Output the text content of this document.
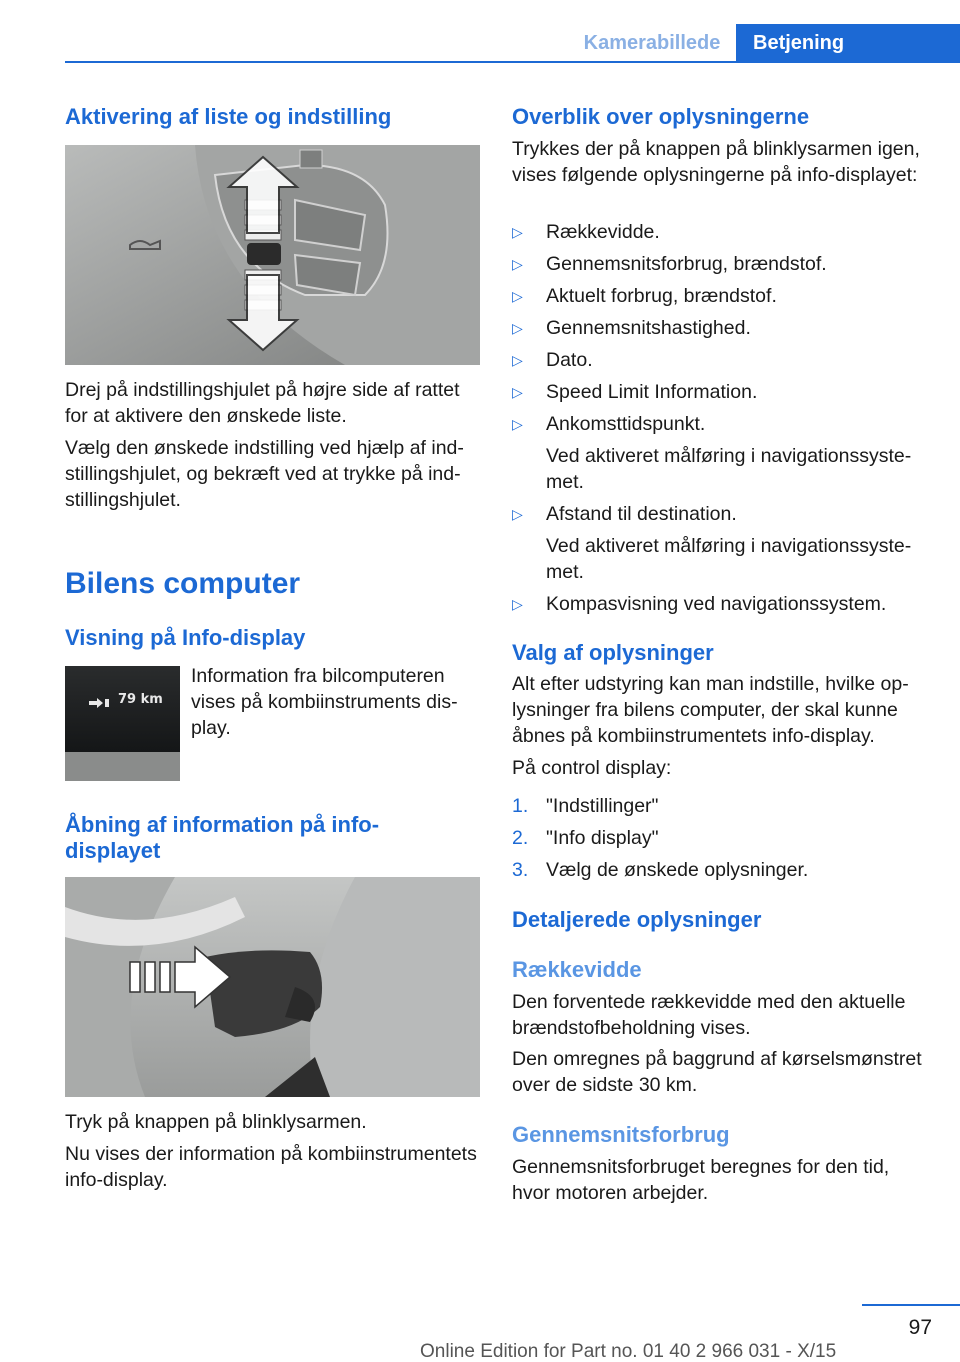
Kamerabillede	Betjening
Aktivering af liste og indstilling
Drej på indstillingshjulet på højre side af rattet for at aktivere den ønskede liste.
Vælg den ønskede indstilling ved hjælp af indstillingshjulet, og bekræft ved at trykke på indstillingshjulet.
Bilens computer
Visning på Info-display
79 km
Information fra bilcomputeren vises på kombiinstruments display.
Åbning af information på info-displayet
Tryk på knappen på blinklysarmen.
Nu vises der information på kombiinstrumentets info-display.
Overblik over oplysningerne
Trykkes der på knappen på blinklysarmen igen, vises følgende oplysningerne på info-displayet:
▷ Rækkevidde.
▷ Gennemsnitsforbrug, brændstof.
▷ Aktuelt forbrug, brændstof.
▷ Gennemsnitshastighed.
▷ Dato.
▷ Speed Limit Information.
▷ Ankomsttidspunkt.
Ved aktiveret målføring i navigationssystemet.
▷ Afstand til destination.
Ved aktiveret målføring i navigationssystemet.
▷ Kompasvisning ved navigationssystem.
Valg af oplysninger
Alt efter udstyring kan man indstille, hvilke oplysninger fra bilens computer, der skal kunne åbnes på kombiinstrumentets info-display.
På control display:
1. "Indstillinger"
2. "Info display"
3. Vælg de ønskede oplysninger.
Detaljerede oplysninger
Rækkevidde
Den forventede rækkevidde med den aktuelle brændstofbeholdning vises.
Den omregnes på baggrund af kørselsmønstret over de sidste 30 km.
Gennemsnitsforbrug
Gennemsnitsforbruget beregnes for den tid, hvor motoren arbejder.
97
Online Edition for Part no. 01 40 2 966 031 - X/15
